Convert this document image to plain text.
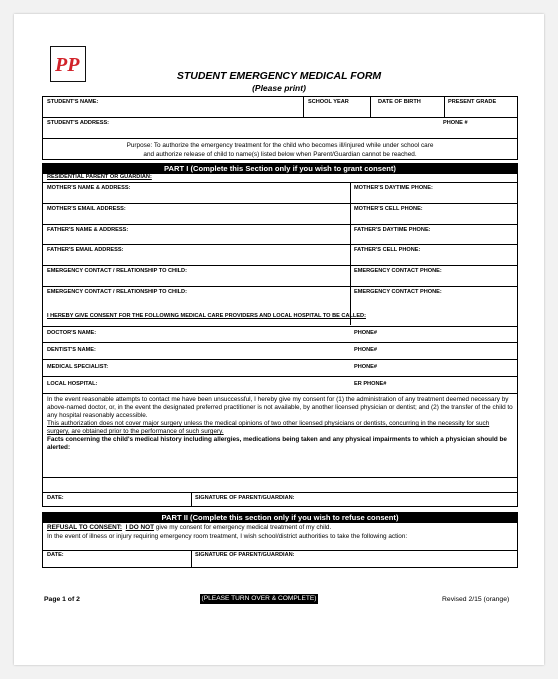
PP	STUDENT EMERGENCY MEDICAL FORM
(Please print)
STUDENT'S NAME:	SCHOOL YEAR	DATE OF BIRTH	PRESENT GRADE
STUDENT'S ADDRESS:	PHONE #
Purpose: To authorize the emergency treatment for the child who becomes ill/injured while under school care
and authorize release of child to name(s) listed below when Parent/Guardian cannot be reached.
PART I (Complete this Section only if you wish to grant consent)
RESIDENTIAL PARENT OR GUARDIAN:
MOTHER'S NAME & ADDRESS:	MOTHER'S DAYTIME PHONE:
MOTHER'S EMAIL ADDRESS:	MOTHER'S CELL PHONE:
FATHER'S NAME & ADDRESS:	FATHER'S DAYTIME PHONE:
FATHER'S EMAIL ADDRESS:	FATHER'S CELL PHONE:
EMERGENCY CONTACT / RELATIONSHIP TO CHILD:	EMERGENCY CONTACT PHONE:
EMERGENCY CONTACT / RELATIONSHIP TO CHILD:	EMERGENCY CONTACT PHONE:
I HEREBY GIVE CONSENT FOR THE FOLLOWING MEDICAL CARE PROVIDERS AND LOCAL HOSPITAL TO BE CALLED:
DOCTOR'S NAME:	PHONE#
DENTIST'S NAME:	PHONE#
MEDICAL SPECIALIST:	PHONE#
LOCAL HOSPITAL:	ER PHONE#
In the event reasonable attempts to contact me have been unsuccessful, I hereby give my consent for (1) the administration of any treatment deemed necessary by above-named doctor, or, in the event the designated preferred practitioner is not available, by another licensed physician or dentist; and (2) the transfer of the child to any hospital reasonably accessible.
This authorization does not cover major surgery unless the medical opinions of two other licensed physicians or dentists, concurring in the necessity for such surgery, are obtained prior to the performance of such surgery.
Facts concerning the child's medical history including allergies, medications being taken and any physical impairments to which a physician should be alerted:
DATE:	SIGNATURE OF PARENT/GUARDIAN:
PART II (Complete this section only if you wish to refuse consent)
REFUSAL TO CONSENT: I DO NOT give my consent for emergency medical treatment of my child.
In the event of illness or injury requiring emergency room treatment, I wish school/district authorities to take the following action:
DATE:	SIGNATURE OF PARENT/GUARDIAN:
Page 1 of 2	(PLEASE TURN OVER & COMPLETE)	Revised 2/15 (orange)
